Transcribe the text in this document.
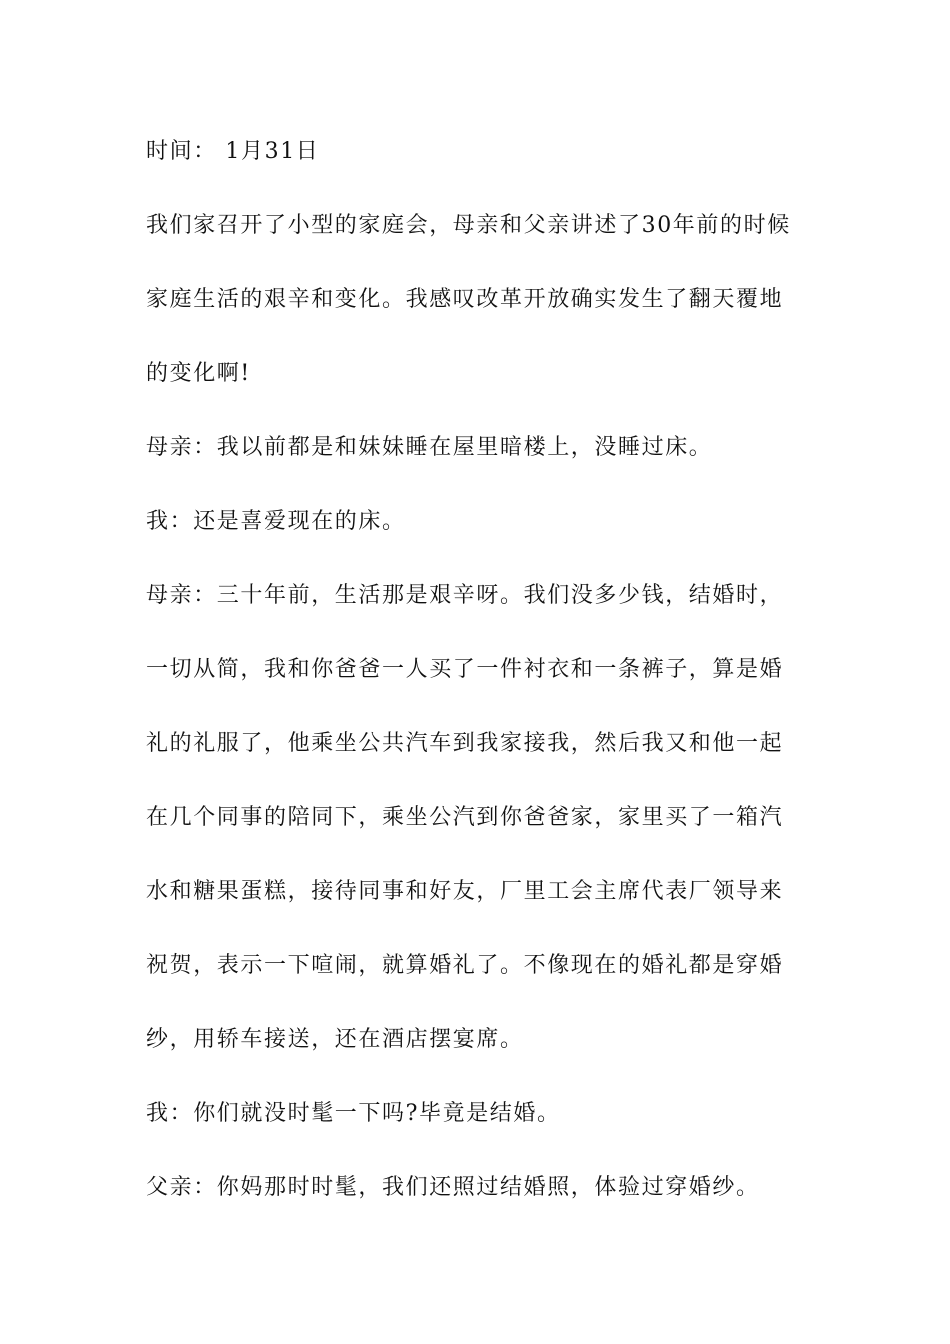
时间： 1月31日
我们家召开了小型的家庭会，母亲和父亲讲述了30年前的时候
家庭生活的艰辛和变化。我感叹改革开放确实发生了翻天覆地
的变化啊!
母亲：我以前都是和妹妹睡在屋里暗楼上，没睡过床。
我：还是喜爱现在的床。
母亲：三十年前，生活那是艰辛呀。我们没多少钱，结婚时，
一切从简，我和你爸爸一人买了一件衬衣和一条裤子，算是婚
礼的礼服了，他乘坐公共汽车到我家接我，然后我又和他一起
在几个同事的陪同下，乘坐公汽到你爸爸家，家里买了一箱汽
水和糖果蛋糕，接待同事和好友，厂里工会主席代表厂领导来
祝贺，表示一下喧闹，就算婚礼了。不像现在的婚礼都是穿婚
纱，用轿车接送，还在酒店摆宴席。
我：你们就没时髦一下吗?毕竟是结婚。
父亲：你妈那时时髦，我们还照过结婚照，体验过穿婚纱。
